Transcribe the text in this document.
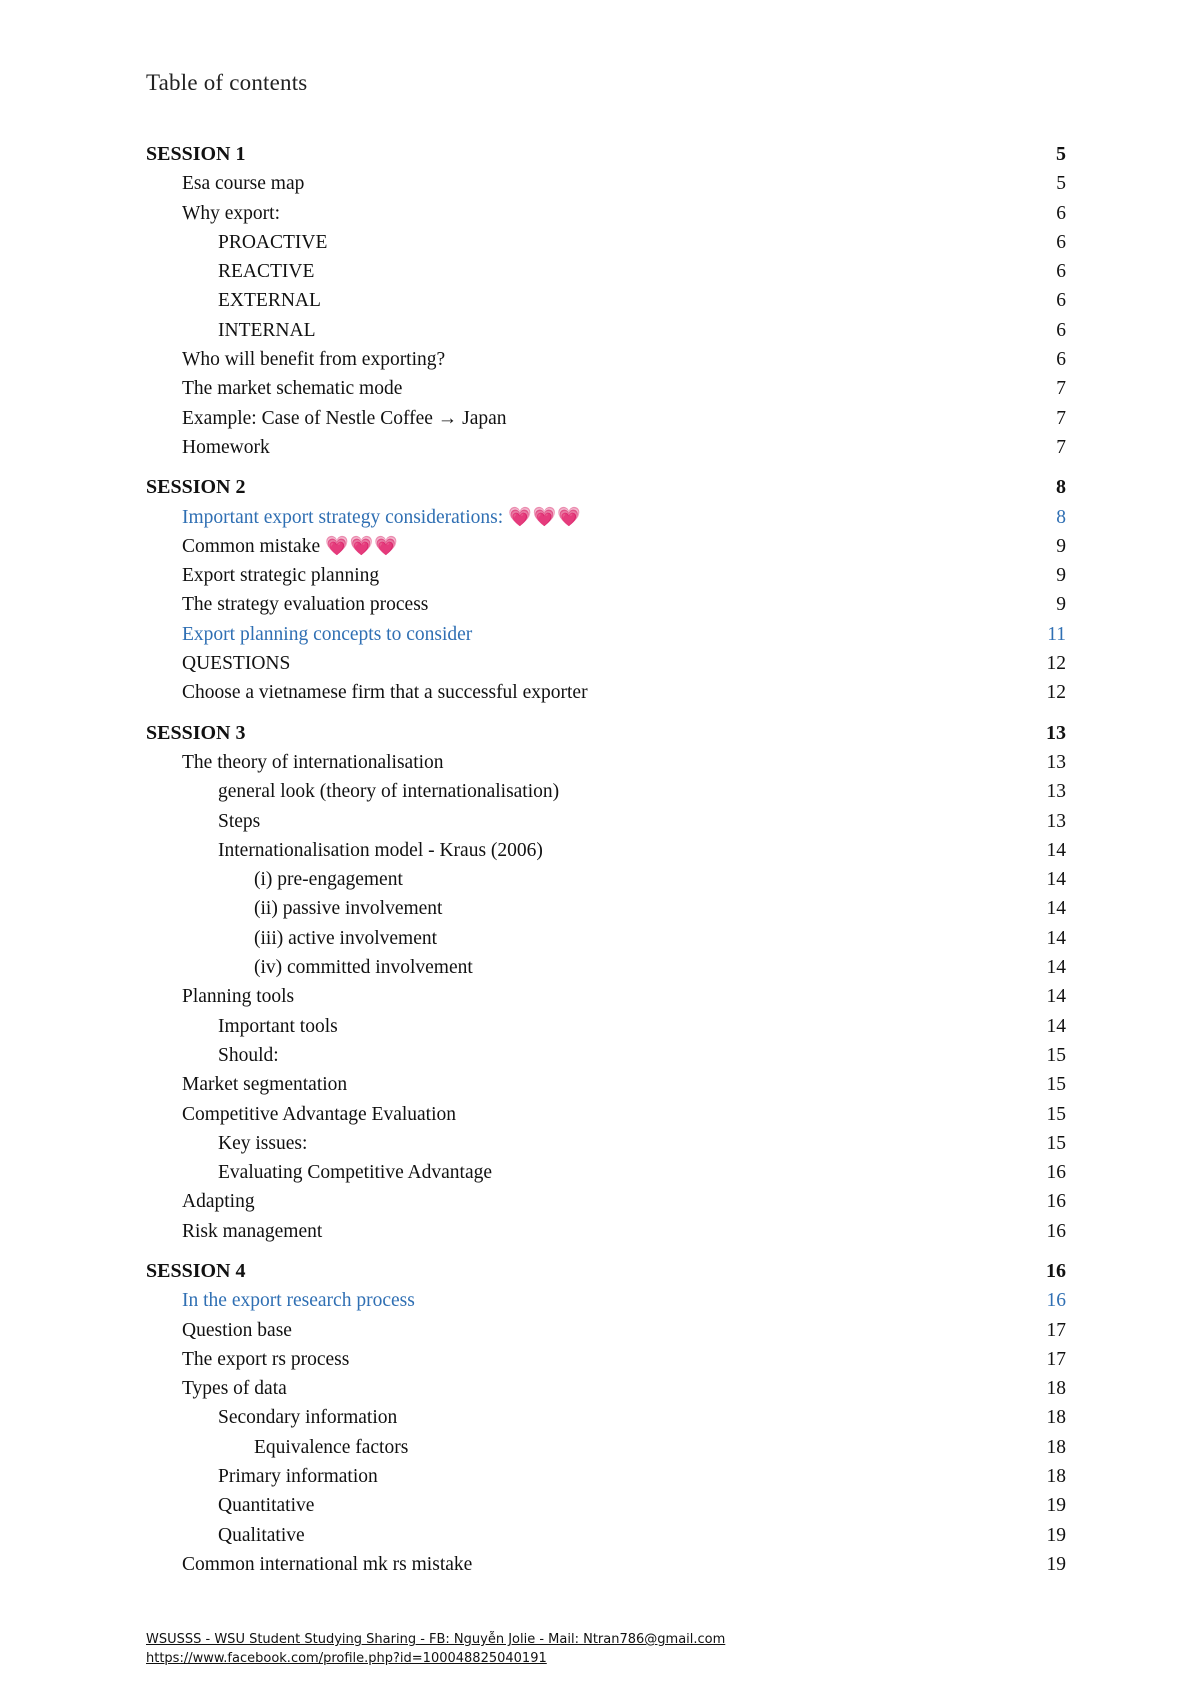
Table of contents
SESSION 1	5
Esa course map	5
Why export:	6
PROACTIVE	6
REACTIVE	6
EXTERNAL	6
INTERNAL	6
Who will benefit from exporting?	6
The market schematic mode	7
Example: Case of Nestle Coffee → Japan	7
Homework	7
SESSION 2	8
Important export strategy considerations: 💗💗💗	8
Common mistake 💗💗💗	9
Export strategic planning	9
The strategy evaluation process	9
Export planning concepts to consider	11
QUESTIONS	12
Choose a vietnamese firm that a successful exporter	12
SESSION 3	13
The theory of internationalisation	13
general look (theory of internationalisation)	13
Steps	13
Internationalisation model - Kraus (2006)	14
(i) pre-engagement	14
(ii) passive involvement	14
(iii) active involvement	14
(iv) committed involvement	14
Planning tools	14
Important tools	14
Should:	15
Market segmentation	15
Competitive Advantage Evaluation	15
Key issues:	15
Evaluating Competitive Advantage	16
Adapting	16
Risk management	16
SESSION 4	16
In the export research process	16
Question base	17
The export rs process	17
Types of data	18
Secondary information	18
Equivalence factors	18
Primary information	18
Quantitative	19
Qualitative	19
Common international mk rs mistake	19
WSUSSS - WSU Student Studying Sharing - FB: Nguyễn Jolie - Mail: Ntran786@gmail.com
https://www.facebook.com/profile.php?id=100048825040191
